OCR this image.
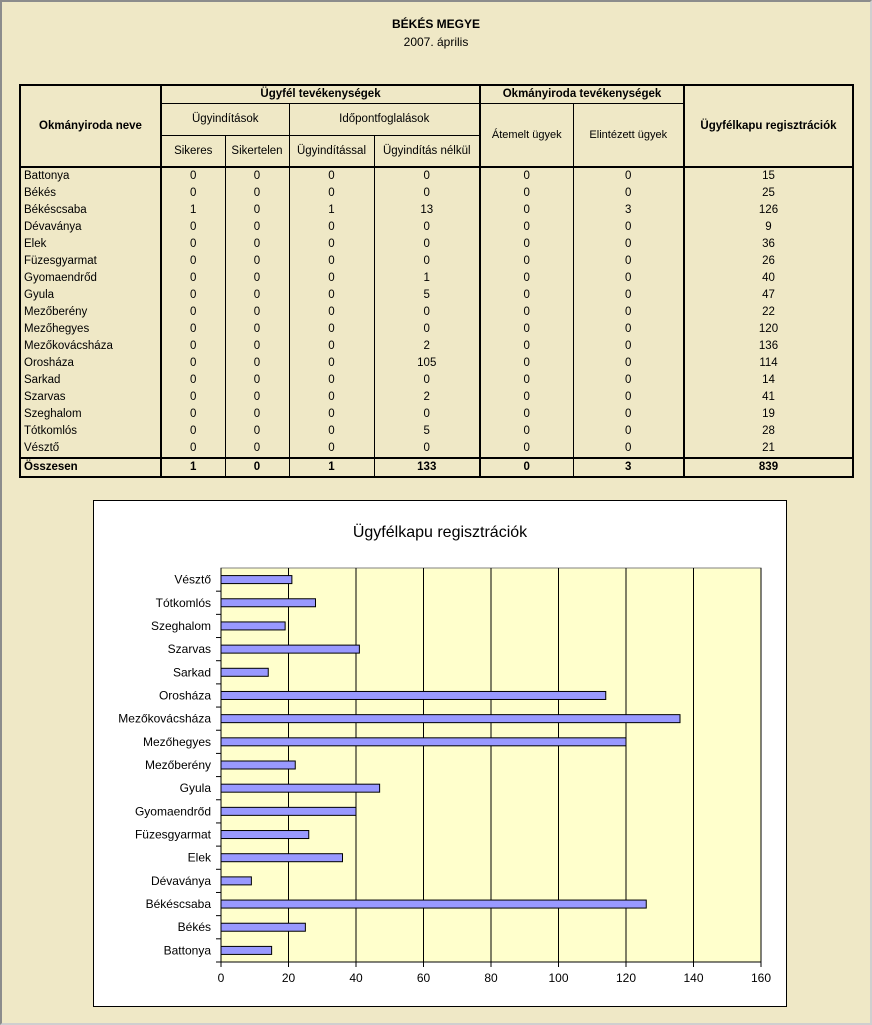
BÉKÉS MEGYE
2007. április
Okmányiroda neve	Ügyfél tevékenységek				Okmányiroda tevékenységek		Ügyfélkapu regisztrációk
	Ügyindítások		Időpontfoglalások		Átemelt ügyek	Elintézett ügyek	
	Sikeres	Sikertelen	Ügyindítással	Ügyindítás nélkül			
Battonya	0	0	0	0	0	0	15
Békés	0	0	0	0	0	0	25
Békéscsaba	1	0	1	13	0	3	126
Dévaványa	0	0	0	0	0	0	9
Elek	0	0	0	0	0	0	36
Füzesgyarmat	0	0	0	0	0	0	26
Gyomaendrőd	0	0	0	1	0	0	40
Gyula	0	0	0	5	0	0	47
Mezőberény	0	0	0	0	0	0	22
Mezőhegyes	0	0	0	0	0	0	120
Mezőkovácsháza	0	0	0	2	0	0	136
Orosháza	0	0	0	105	0	0	114
Sarkad	0	0	0	0	0	0	14
Szarvas	0	0	0	2	0	0	41
Szeghalom	0	0	0	0	0	0	19
Tótkomlós	0	0	0	5	0	0	28
Vésztő	0	0	0	0	0	0	21
Összesen	1	0	1	133	0	3	839
Ügyfélkapu regisztrációk
0	20	40	60	80	100	120	140	160
Battonya
Békés
Békéscsaba
Dévaványa
Elek
Füzesgyarmat
Gyomaendrőd
Gyula
Mezőberény
Mezőhegyes
Mezőkovácsháza
Orosháza
Sarkad
Szarvas
Szeghalom
Tótkomlós
Vésztő
